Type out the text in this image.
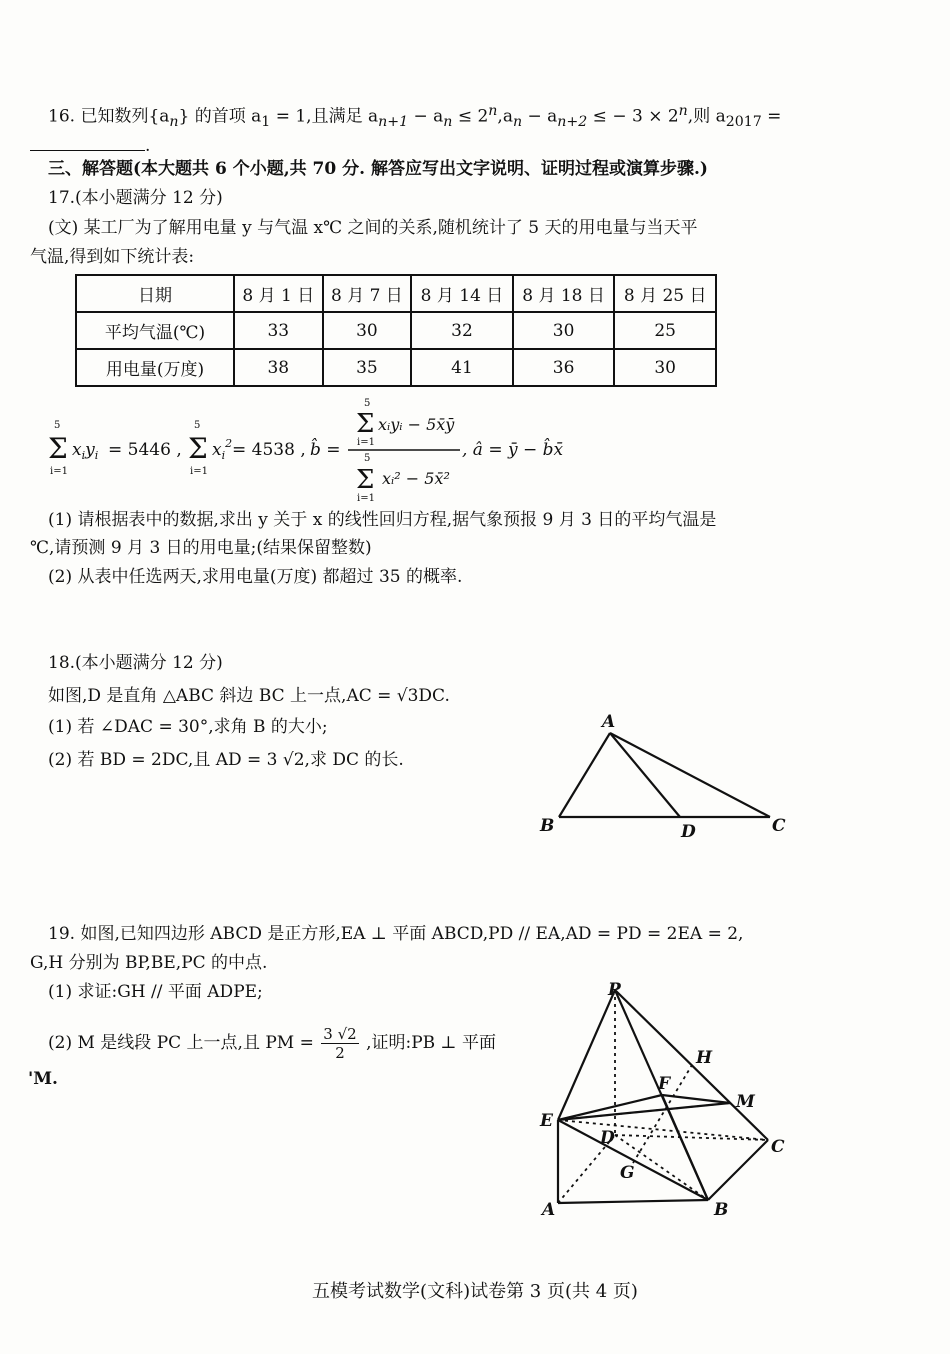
16. 已知数列$\{a_n\}$ 的首项 $a_1 = 1$,且满足 $a_{n+1} - a_n \le 2^n,a_n - a_{n+2}$ ≤ − $3 \times 2^n$,则 $a_{2017}$ =
.
三、解答题(本大题共 6 个小题,共 70 分. 解答应写出文字说明、证明过程或演算步骤.)
17.(本小题满分 12 分)
(文) 某工厂为了解用电量 y 与气温 x℃ 之间的关系,随机统计了 5 天的用电量与当天平
气温,得到如下统计表:
日期	8 月 1 日	8 月 7 日	8 月 14 日	8 月 18 日	8 月 25 日
平均气温(℃)	33	30	32	30	25
用电量(万度)	38	35	41	36	30
5
Σ
i=1
$x_iy_i = 5446$ ,
5
Σ
i=1
$x_i^2 = 4538$ , b̂ =
5
Σ
i=1
xᵢyᵢ − 5x̄ȳ
5
Σ
i=1
xᵢ² − 5x̄²
, â = ȳ − b̂x̄
(1) 请根据表中的数据,求出 y 关于 x 的线性回归方程,据气象预报 9 月 3 日的平均气温是
℃,请预测 9 月 3 日的用电量;(结果保留整数)
(2) 从表中任选两天,求用电量(万度) 都超过 35 的概率.
18.(本小题满分 12 分)
如图,D 是直角 △ABC 斜边 BC 上一点,AC = √3DC.
(1) 若 ∠DAC = 30°,求角 B 的大小;
(2) 若 BD = 2DC,且 AD = 3 √2,求 DC 的长.
A
B	D	C
19. 如图,已知四边形 ABCD 是正方形,EA ⊥ 平面 ABCD,PD // EA,AD = PD = 2EA = 2,
G,H 分别为 BP,BE,PC 的中点.
(1) 求证:GH // 平面 ADPE;
(2) M 是线段 PC 上一点,且 PM = $\frac{3 √2}{2}$ ,证明:PB ⊥ 平面
'M.
P
H
F
M
E
D	C
G
A	B
五模考试数学(文科)试卷第 3 页(共 4 页)
